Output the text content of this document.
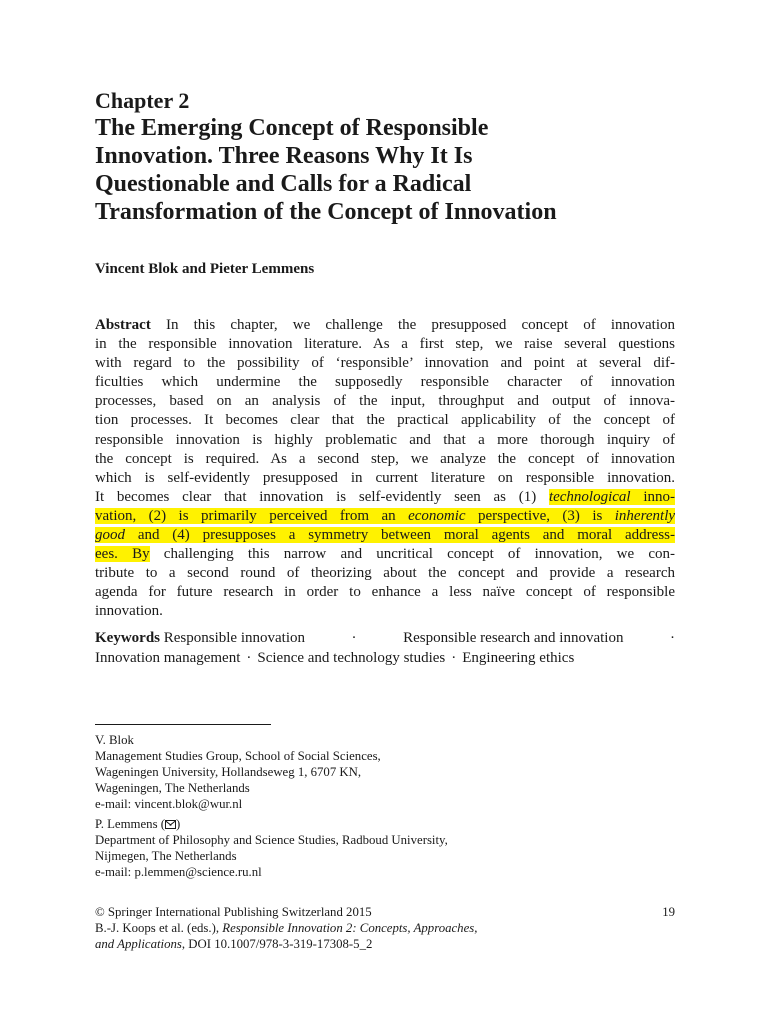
Chapter 2
The Emerging Concept of Responsible
Innovation. Three Reasons Why It Is
Questionable and Calls for a Radical
Transformation of the Concept of Innovation
Vincent Blok and Pieter Lemmens
Abstract In this chapter, we challenge the presupposed concept of innovation
in the responsible innovation literature. As a first step, we raise several questions
with regard to the possibility of ‘responsible’ innovation and point at several dif-
ficulties which undermine the supposedly responsible character of innovation
processes, based on an analysis of the input, throughput and output of innova-
tion processes. It becomes clear that the practical applicability of the concept of
responsible innovation is highly problematic and that a more thorough inquiry of
the concept is required. As a second step, we analyze the concept of innovation
which is self-evidently presupposed in current literature on responsible innovation.
It becomes clear that innovation is self-evidently seen as (1) technological inno-
vation, (2) is primarily perceived from an economic perspective, (3) is inherently
good and (4) presupposes a symmetry between moral agents and moral address-
ees. By challenging this narrow and uncritical concept of innovation, we con-
tribute to a second round of theorizing about the concept and provide a research
agenda for future research in order to enhance a less naïve concept of responsible
innovation.
Keywords Responsible innovation	·	Responsible research and innovation	·
Innovation management · Science and technology studies · Engineering ethics
V. Blok
Management Studies Group, School of Social Sciences,
Wageningen University, Hollandseweg 1, 6707 KN,
Wageningen, The Netherlands
e-mail: vincent.blok@wur.nl
P. Lemmens ( )
Department of Philosophy and Science Studies, Radboud University,
Nijmegen, The Netherlands
e-mail: p.lemmen@science.ru.nl
© Springer International Publishing Switzerland 2015	19
B.-J. Koops et al. (eds.), Responsible Innovation 2: Concepts, Approaches,
and Applications, DOI 10.1007/978-3-319-17308-5_2
